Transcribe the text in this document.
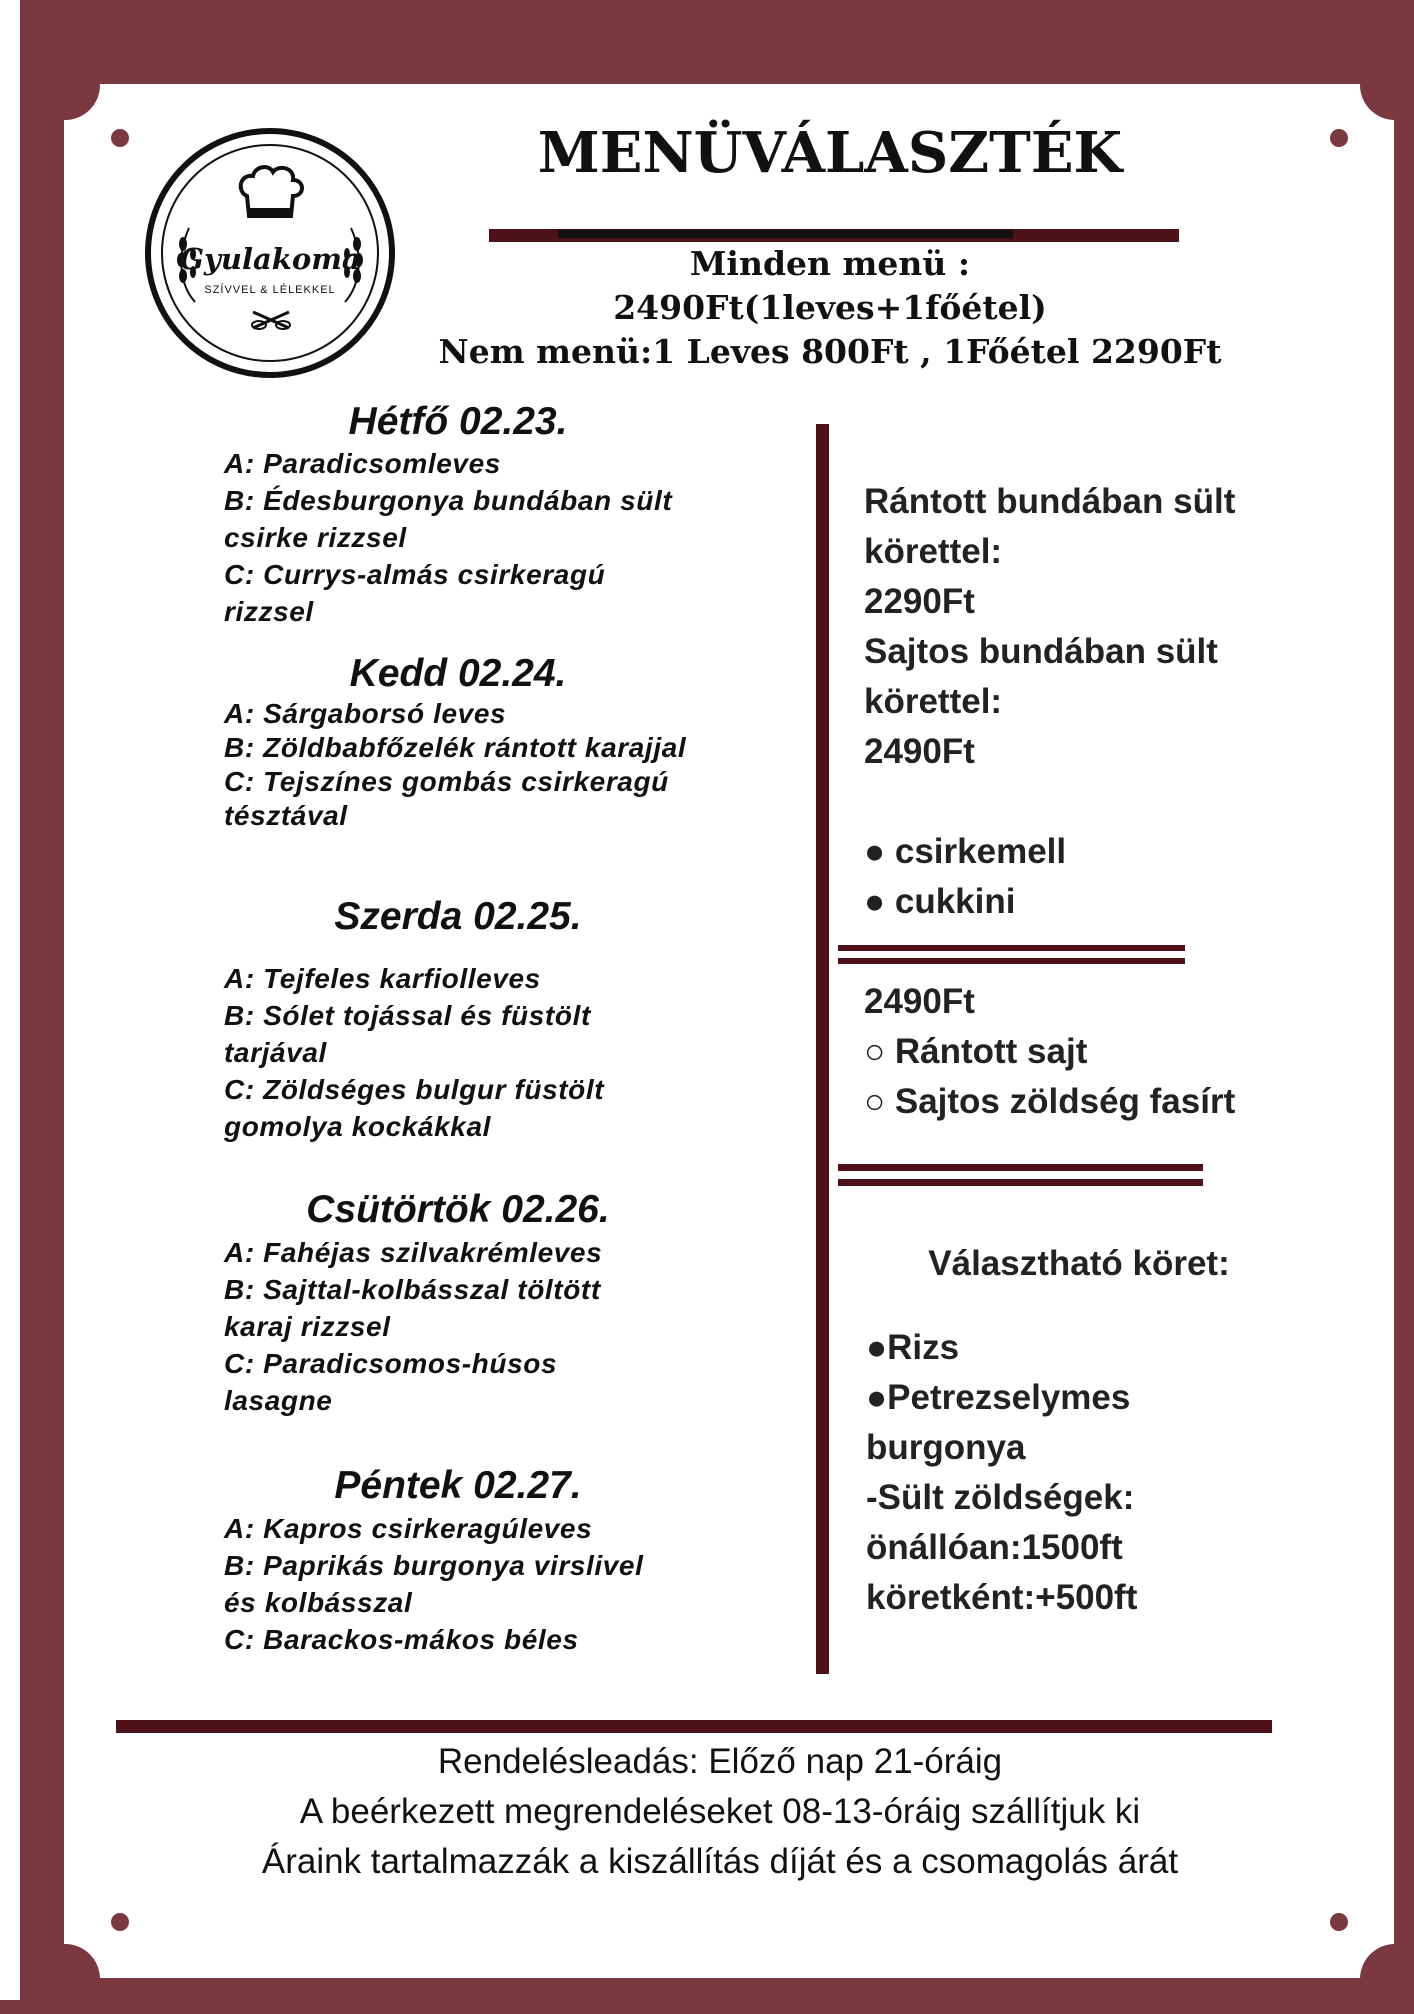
Gyulakoma
SZÍVVEL & LÉLEKKEL
MENÜVÁLASZTÉK
Minden menü :
2490Ft(1leves+1főétel)
Nem menü:1 Leves 800Ft , 1Főétel 2290Ft
Hétfő 02.23.
A: Paradicsomleves
B: Édesburgonya bundában sült
csirke rizzsel
C: Currys-almás csirkeragú
rizzsel
Kedd 02.24.
A: Sárgaborsó leves
B: Zöldbabfőzelék rántott karajjal
C: Tejszínes gombás csirkeragú
tésztával
Szerda 02.25.
A: Tejfeles karfiolleves
B: Sólet tojással és füstölt
tarjával
C: Zöldséges bulgur füstölt
gomolya kockákkal
Csütörtök 02.26.
A: Fahéjas szilvakrémleves
B: Sajttal-kolbásszal töltött
karaj rizzsel
C: Paradicsomos-húsos
lasagne
Péntek 02.27.
A: Kapros csirkeragúleves
B: Paprikás burgonya virslivel
és kolbásszal
C: Barackos-mákos béles
Rántott bundában sült
körettel:
2290Ft
Sajtos bundában sült
körettel:
2490Ft
● csirkemell
● cukkini
2490Ft
○ Rántott sajt
○ Sajtos zöldség fasírt
Választható köret:
●Rizs
●Petrezselymes
burgonya
-Sült zöldségek:
önállóan:1500ft
köretként:+500ft
Rendelésleadás: Előző nap 21-óráig
A beérkezett megrendeléseket 08-13-óráig szállítjuk ki
Áraink tartalmazzák a kiszállítás díját és a csomagolás árát
